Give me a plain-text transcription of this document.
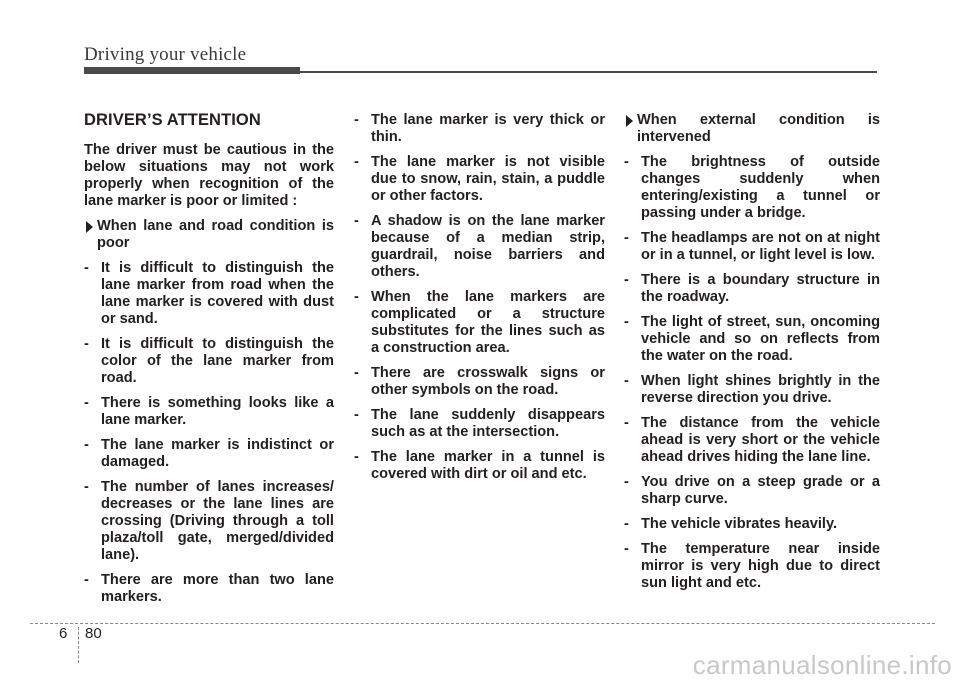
Driving your vehicle
DRIVER’S ATTENTION
The driver must be cautious in the below situations may not work properly when recognition of the lane marker is poor or limited :
When lane and road condition is poor
- It is difficult to distinguish the lane marker from road when the lane marker is covered with dust or sand.
- It is difficult to distinguish the color of the lane marker from road.
- There is something looks like a lane marker.
- The lane marker is indistinct or damaged.
- The number of lanes increases/ decreases or the lane lines are crossing (Driving through a toll plaza/toll gate, merged/divided lane).
- There are more than two lane markers.
- The lane marker is very thick or thin.
- The lane marker is not visible due to snow, rain, stain, a puddle or other factors.
- A shadow is on the lane marker because of a median strip, guardrail, noise barriers and others.
- When the lane markers are complicated or a structure substitutes for the lines such as a construction area.
- There are crosswalk signs or other symbols on the road.
- The lane suddenly disappears such as at the intersection.
- The lane marker in a tunnel is covered with dirt or oil and etc.
When external condition is intervened
- The brightness of outside changes suddenly when entering/existing a tunnel or passing under a bridge.
- The headlamps are not on at night or in a tunnel, or light level is low.
- There is a boundary structure in the roadway.
- The light of street, sun, oncoming vehicle and so on reflects from the water on the road.
- When light shines brightly in the reverse direction you drive.
- The distance from the vehicle ahead is very short or the vehicle ahead drives hiding the lane line.
- You drive on a steep grade or a sharp curve.
- The vehicle vibrates heavily.
- The temperature near inside mirror is very high due to direct sun light and etc.
6 80
carmanualsonline.info
